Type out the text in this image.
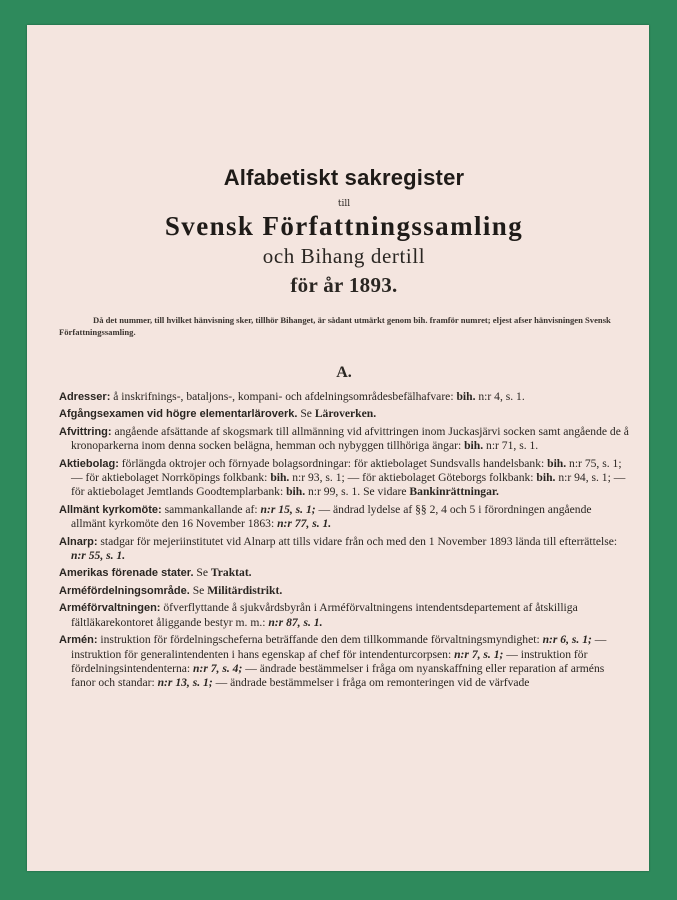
Alfabetiskt sakregister
till
Svensk Författningssamling
och Bihang dertill
för år 1893.

Då det nummer, till hvilket hänvisning sker, tillhör Bihanget, är sådant utmärkt genom bih. framför numret; eljest afser hänvisningen Svensk Författningssamling.

A.

Adresser: å inskrifnings-, bataljons-, kompani- och afdelningsområdesbefälhafvare: bih. n:r 4, s. 1.

Afgångsexamen vid högre elementarläroverk. Se Läroverken.

Afvittring: angående afsättande af skogsmark till allmänning vid afvittringen inom Juckasjärvi socken samt angående de å kronoparkerna inom denna socken belägna, hemman och nybyggen tillhöriga ängar: bih. n:r 71, s. 1.

Aktiebolag: förlängda oktrojer och förnyade bolagsordningar: för aktiebolaget Sundsvalls handelsbank: bih. n:r 75, s. 1; — för aktiebolaget Norrköpings folkbank: bih. n:r 93, s. 1; — för aktiebolaget Göteborgs folkbank: bih. n:r 94, s. 1; — för aktiebolaget Jemtlands Goodtemplarbank: bih. n:r 99, s. 1. Se vidare Bankinrättningar.

Allmänt kyrkomöte: sammankallande af: n:r 15, s. 1; — ändrad lydelse af §§ 2, 4 och 5 i förordningen angående allmänt kyrkomöte den 16 November 1863: n:r 77, s. 1.

Alnarp: stadgar för mejeriinstitutet vid Alnarp att tills vidare från och med den 1 November 1893 lända till efterrättelse: n:r 55, s. 1.

Amerikas förenade stater. Se Traktat.

Arméfördelningsområde. Se Militärdistrikt.

Arméförvaltningen: öfverflyttande å sjukvårdsbyrån i Arméförvaltningens intendentsdepartement af åtskilliga fältläkarekontoret åliggande bestyr m. m.: n:r 87, s. 1.

Armén: instruktion för fördelningscheferna beträffande den dem tillkommande förvaltningsmyndighet: n:r 6, s. 1; — instruktion för generalintendenten i hans egenskap af chef för intendenturcorpsen: n:r 7, s. 1; — instruktion för fördelningsintendenterna: n:r 7, s. 4; — ändrade bestämmelser i fråga om nyanskaffning eller reparation af arméns fanor och standar: n:r 13, s. 1; — ändrade bestämmelser i fråga om remonteringen vid de värfvade
